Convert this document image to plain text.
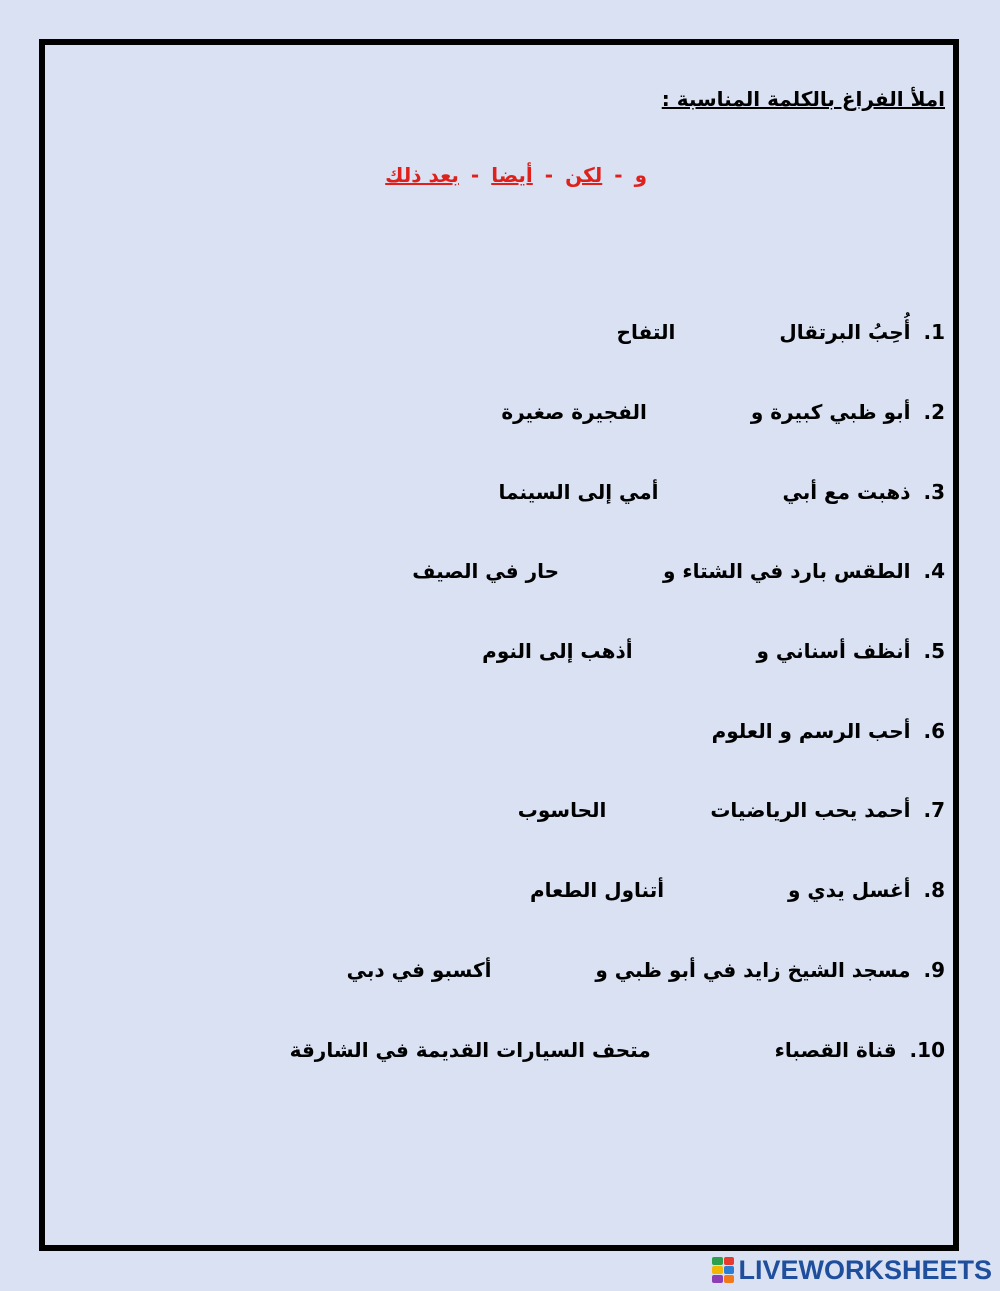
املأ الفراغ بالكلمة المناسبة :
و-لكن-أيضا-بعد ذلك
1. أُحِبُ البرتقال  التفاح
2. أبو ظبي كبيرة و  الفجيرة صغيرة
3. ذهبت مع أبي  أمي إلى السينما
4. الطقس بارد في الشتاء و  حار في الصيف
5. أنظف أسناني و  أذهب إلى النوم
6. أحب الرسم و العلوم
7. أحمد يحب الرياضيات  الحاسوب
8. أغسل يدي و  أتناول الطعام
9. مسجد الشيخ زايد في أبو ظبي و  أكسبو في دبي
10. قناة القصباء  متحف السيارات القديمة في الشارقة
LIVEWORKSHEETS
